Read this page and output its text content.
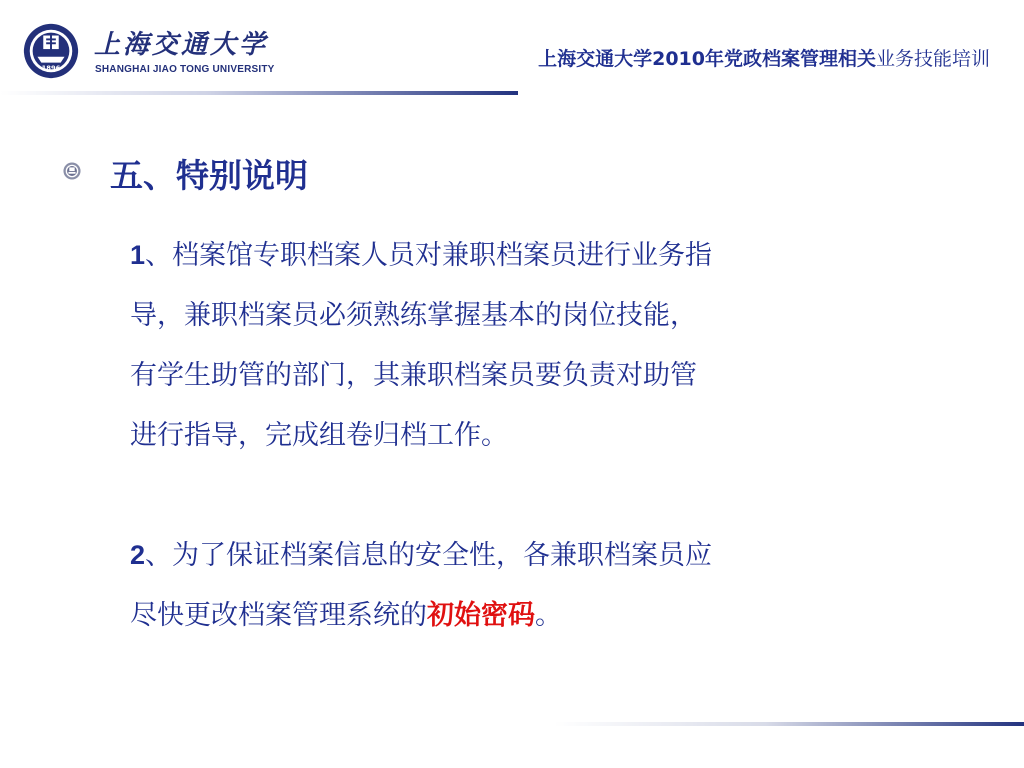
1896
上海交通大学
SHANGHAI JIAO TONG UNIVERSITY	上海交通大学2010年党政档案管理相关业务技能培训
五、特别说明
1、档案馆专职档案人员对兼职档案员进行业务指
导，兼职档案员必须熟练掌握基本的岗位技能，
有学生助管的部门，其兼职档案员要负责对助管
进行指导，完成组卷归档工作。
2、为了保证档案信息的安全性，各兼职档案员应
尽快更改档案管理系统的初始密码。
